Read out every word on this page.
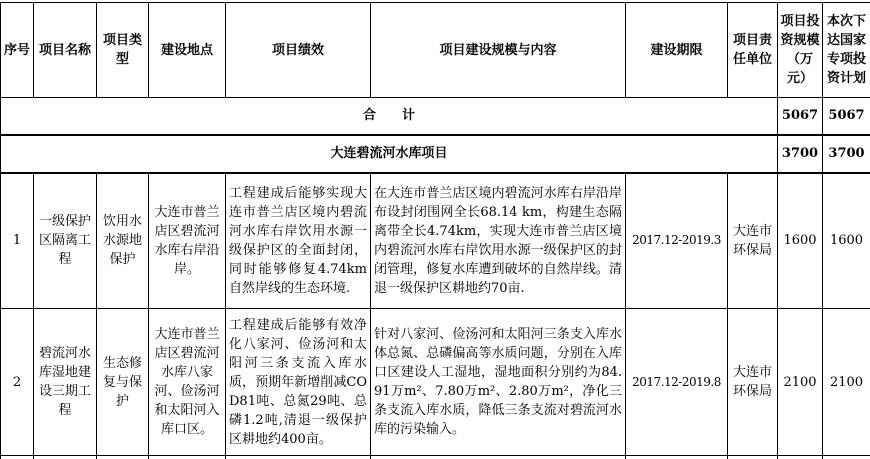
序号	项目名称	项目类型	建设地点	项目绩效	项目建设规模与内容	建设期限	项目责任单位	项目投资规模（万元）	本次下达国家专项投资计划
合　　计								5067	5067
大连碧流河水库项目								3700	3700
1	一级保护区隔离工程	饮用水水源地保护	大连市普兰店区碧流河水库右岸沿岸。	工程建成后能够实现大连市普兰店区境内碧流河水库右岸饮用水源一级保护区的全面封闭，同时能够修复4.74km自然岸线的生态环境.	在大连市普兰店区境内碧流河水库右岸沿岸布设封闭围网全长68.14 km，构建生态隔离带全长4.74km，实现大连市普兰店区境内碧流河水库右岸饮用水源一级保护区的封闭管理，修复水库遭到破坏的自然岸线。清退一级保护区耕地约70亩.	2017.12-2019.3	大连市环保局	1600	1600
2	碧流河水库湿地建设三期工程	生态修复与保护	大连市普兰店区碧流河水库八家河、俭汤河和太阳河入库口区。	工程建成后能够有效净化八家河、俭汤河和太阳河三条支流入库水质，预期年新增削减COD81吨、总氮29吨、总磷1.2吨,清退一级保护区耕地约400亩。	针对八家河、俭汤河和太阳河三条支入库水体总氮、总磷偏高等水质问题，分别在入库口区建设人工湿地，湿地面积分别约为84.91万m²、7.80万m²、2.80万m²，净化三条支流入库水质，降低三条支流对碧流河水库的污染输入。	2017.12-2019.8	大连市环保局	2100	2100
